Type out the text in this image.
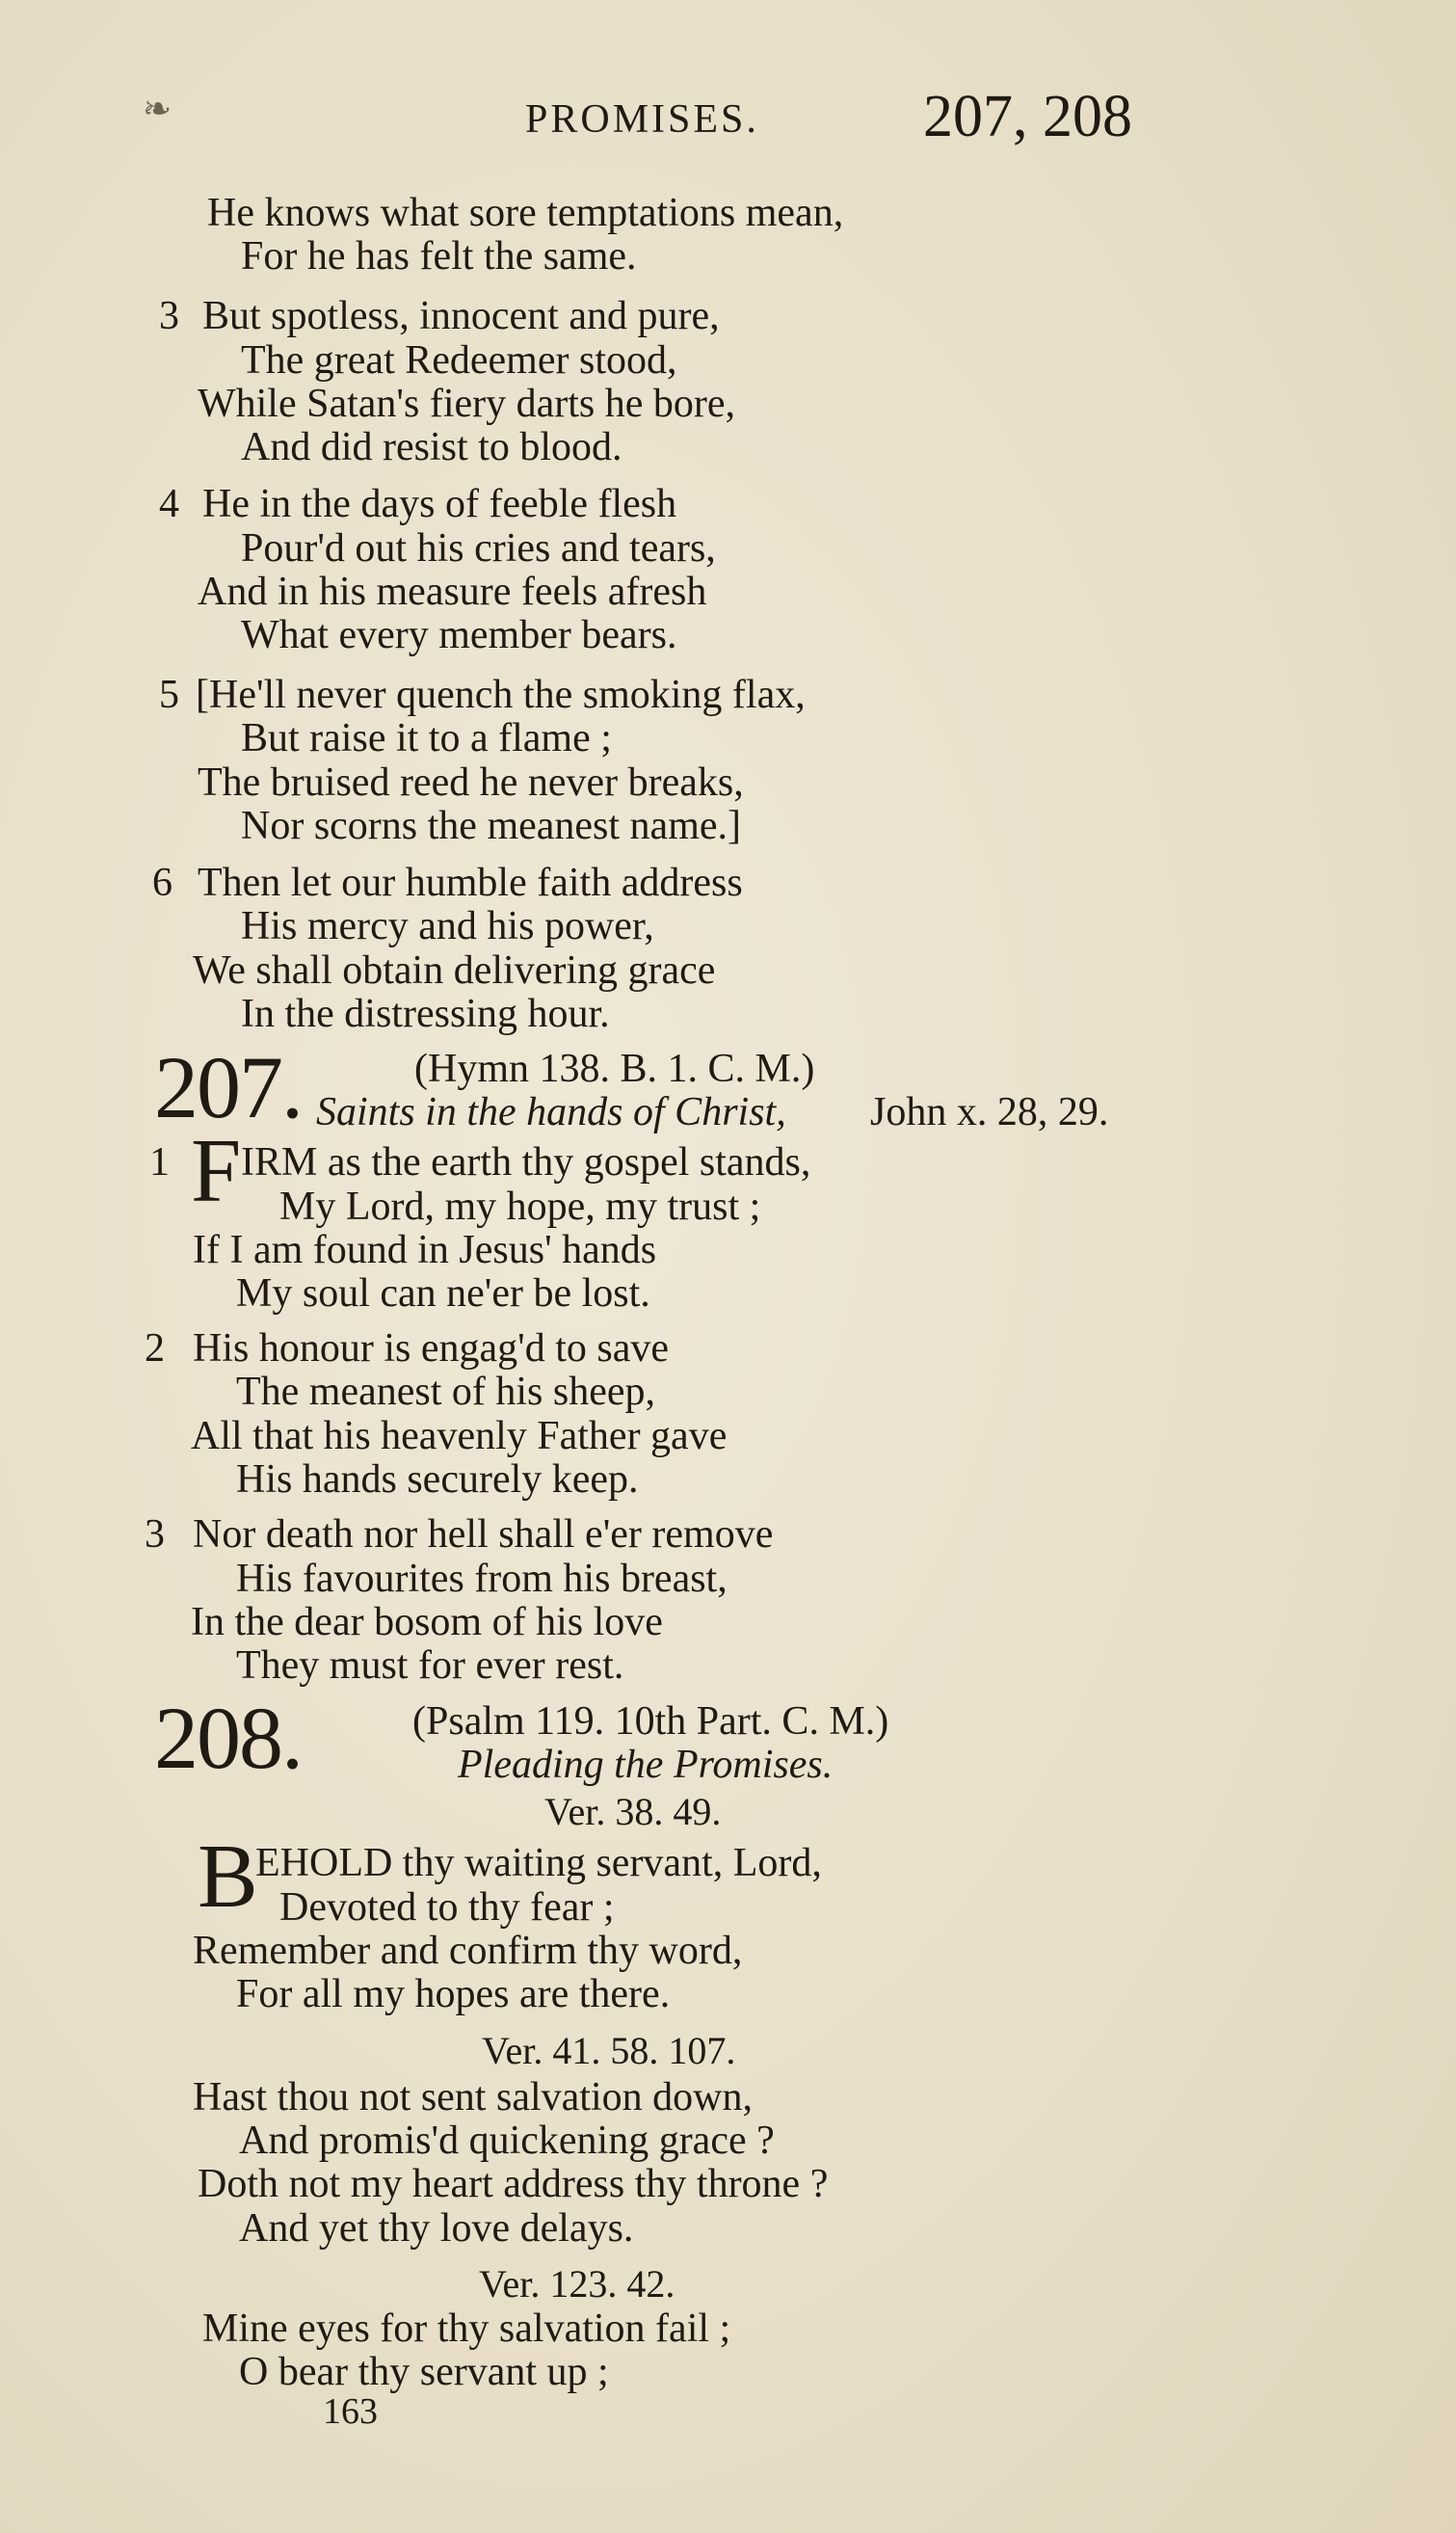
❧	PROMISES.	207, 208
He knows what sore temptations mean,
For he has felt the same.
3 But spotless, innocent and pure,
The great Redeemer stood,
While Satan's fiery darts he bore,
And did resist to blood.
4 He in the days of feeble flesh
Pour'd out his cries and tears,
And in his measure feels afresh
What every member bears.
5 [He'll never quench the smoking flax,
But raise it to a flame ;
The bruised reed he never breaks,
Nor scorns the meanest name.]
6 Then let our humble faith address
His mercy and his power,
We shall obtain delivering grace
In the distressing hour.
207.	(Hymn 138. B. 1. C. M.)
Saints in the hands of Christ, John x. 28, 29.
1 F IRM as the earth thy gospel stands,
My Lord, my hope, my trust ;
If I am found in Jesus' hands
My soul can ne'er be lost.
2 His honour is engag'd to save
The meanest of his sheep,
All that his heavenly Father gave
His hands securely keep.
3 Nor death nor hell shall e'er remove
His favourites from his breast,
In the dear bosom of his love
They must for ever rest.
208.	(Psalm 119. 10th Part. C. M.)
Pleading the Promises.
Ver. 38. 49.
B
EHOLD thy waiting servant, Lord,
Devoted to thy fear ;
Remember and confirm thy word,
For all my hopes are there.
Ver. 41. 58. 107.
Hast thou not sent salvation down,
And promis'd quickening grace ?
Doth not my heart address thy throne ?
And yet thy love delays.
Ver. 123. 42.
Mine eyes for thy salvation fail ;
O bear thy servant up ;
163
